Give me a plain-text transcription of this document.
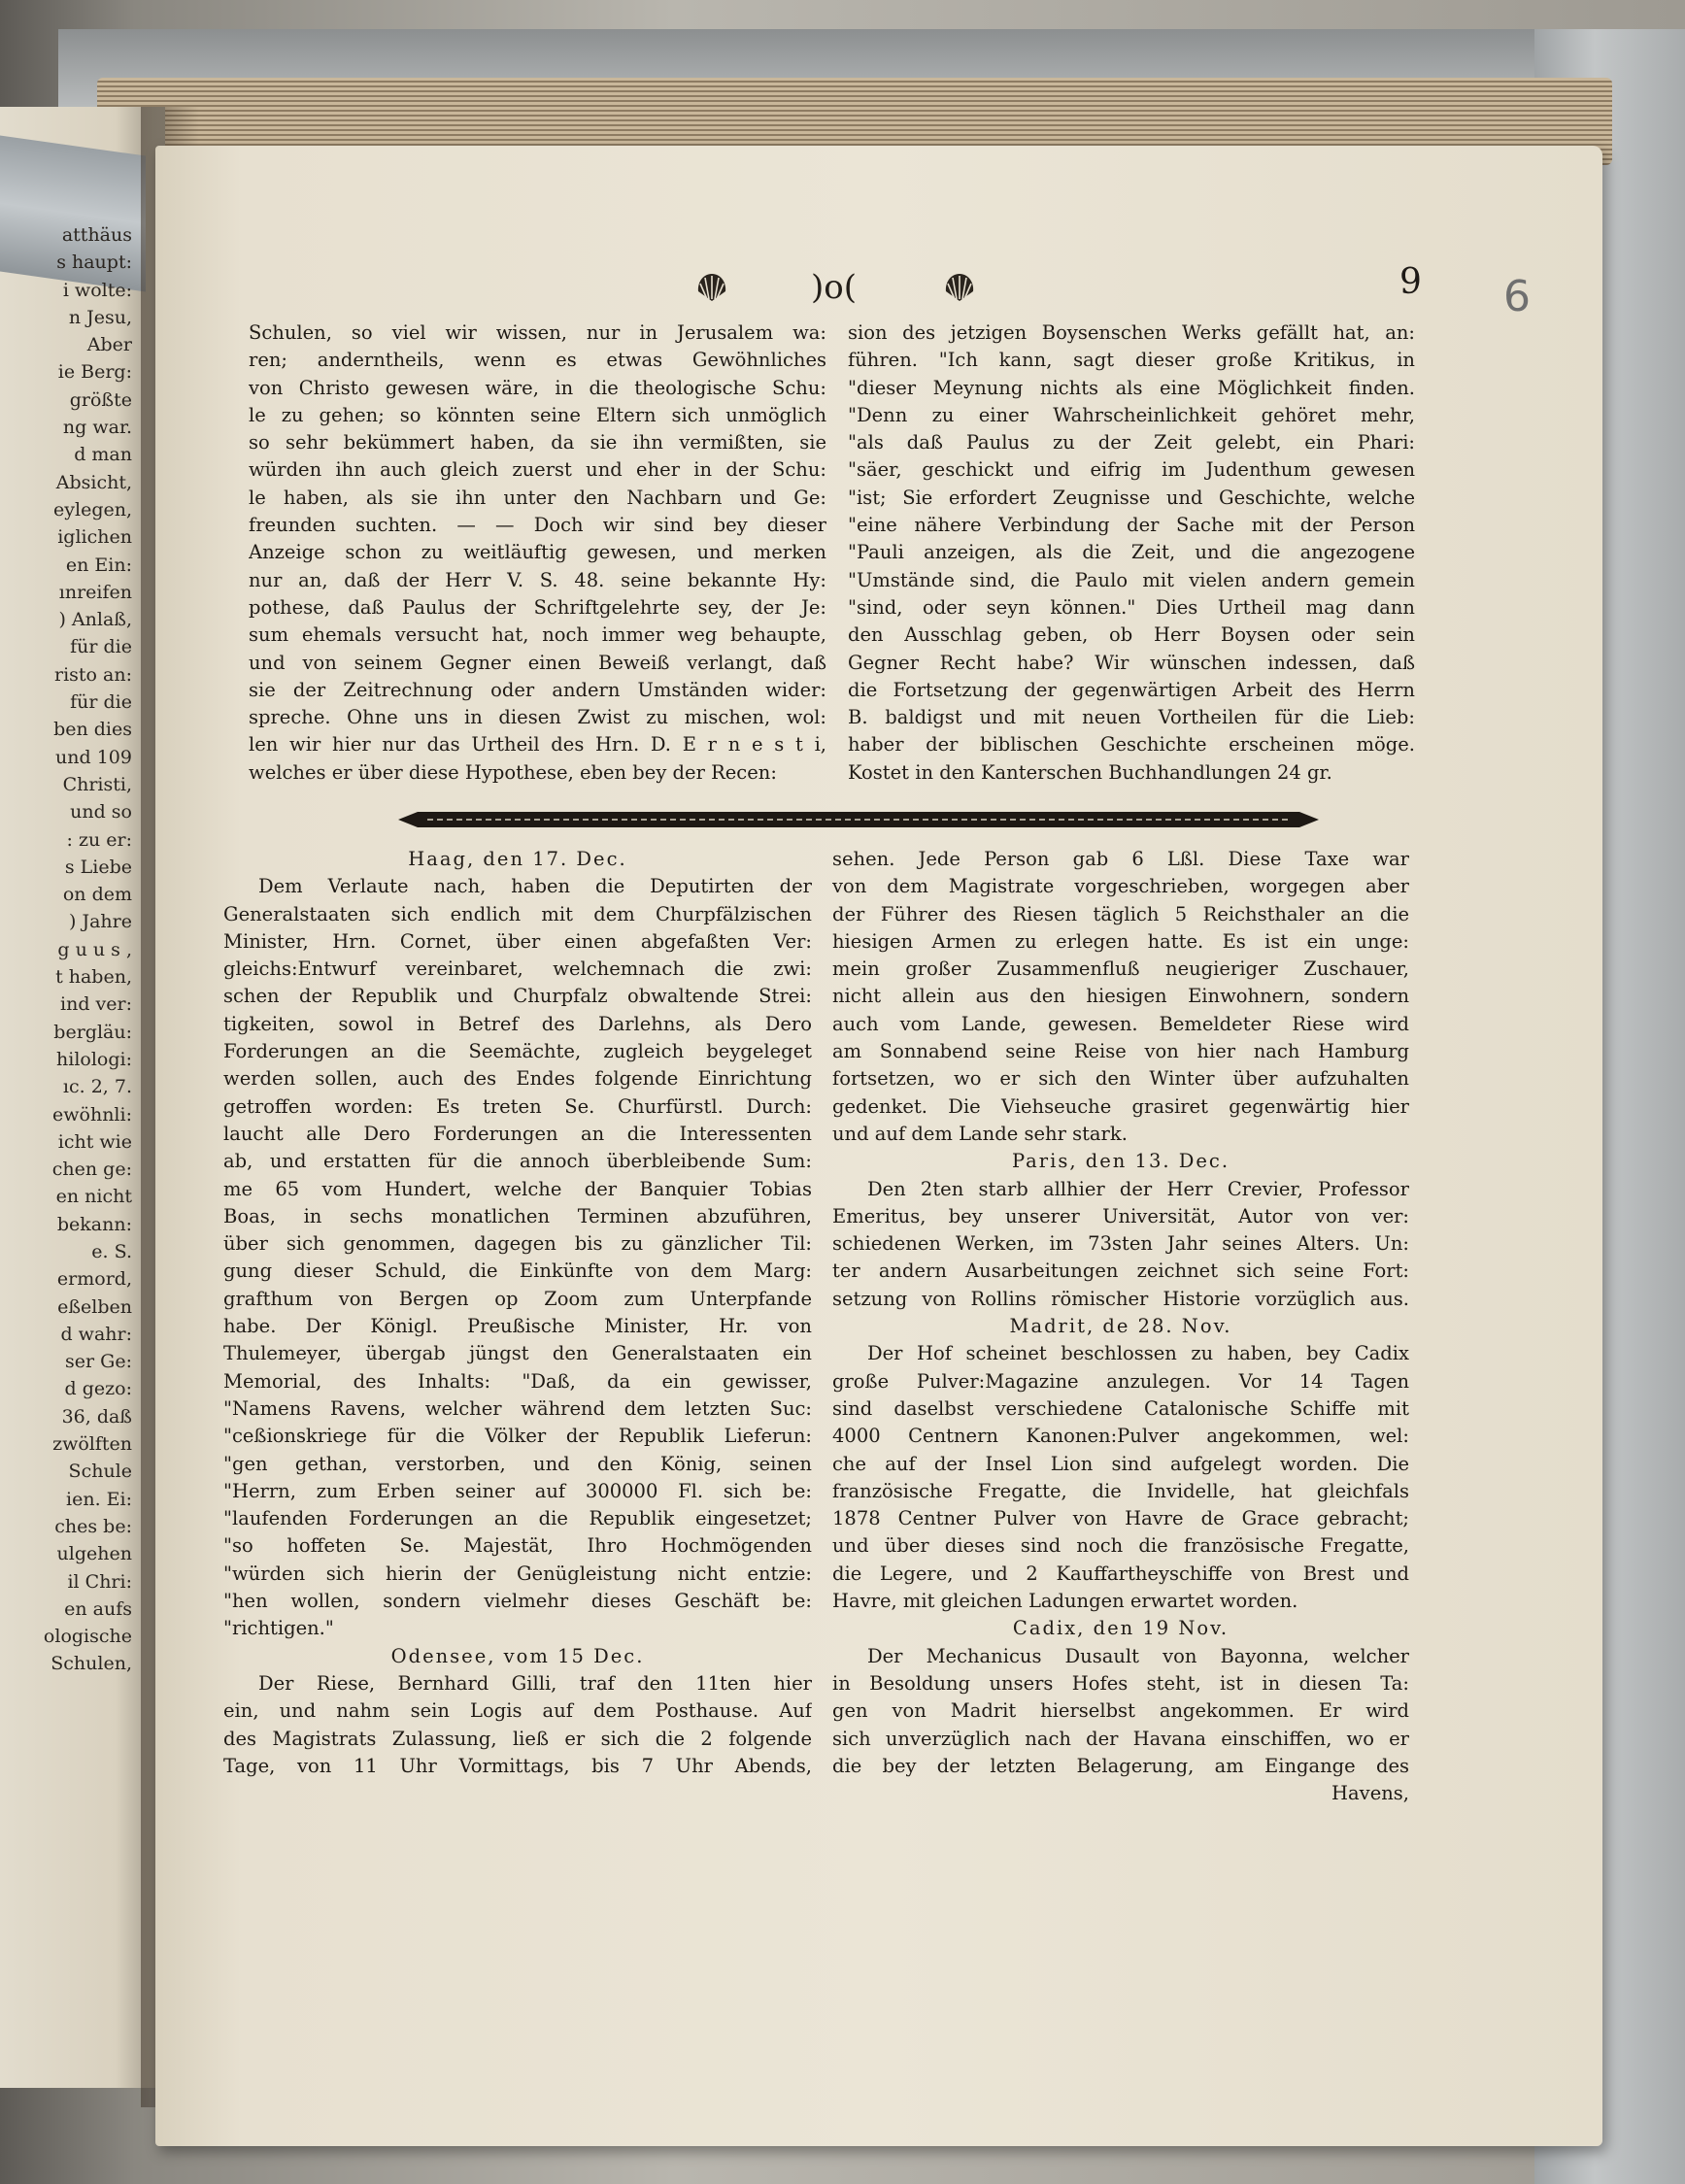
atthäus
s haupt:
i wolte:
n Jesu,
Aber
ie Berg:
größte
ng war.
d man
Absicht,
eylegen,
iglichen
en Ein:
ınreifen
) Anlaß,
für die
risto an:
für die
ben dies
und 109
Christi,
und so
: zu er:
s Liebe
on dem
) Jahre
g u u s ,
t haben,
ind ver:
bergläu:
hilologi:
ıc. 2, 7.
ewöhnli:
icht wie
chen ge:
en nicht
bekann:
e. S.
ermord,
eßelben
d wahr:
ser Ge:
d gezo:
36, daß
zwölften
Schule
ien. Ei:
ches be:
ulgehen
il Chri:
en aufs
ologische
Schulen,
)o(	9 6
Schulen, so viel wir wissen, nur in Jerusalem wa:
ren; anderntheils, wenn es etwas Gewöhnliches
von Christo gewesen wäre, in die theologische Schu:
le zu gehen; so könnten seine Eltern sich unmöglich
so sehr bekümmert haben, da sie ihn vermißten, sie
würden ihn auch gleich zuerst und eher in der Schu:
le haben, als sie ihn unter den Nachbarn und Ge:
freunden suchten. — — Doch wir sind bey dieser
Anzeige schon zu weitläuftig gewesen, und merken
nur an, daß der Herr V. S. 48. seine bekannte Hy:
pothese, daß Paulus der Schriftgelehrte sey, der Je:
sum ehemals versucht hat, noch immer weg behaupte,
und von seinem Gegner einen Beweiß verlangt, daß
sie der Zeitrechnung oder andern Umständen wider:
spreche. Ohne uns in diesen Zwist zu mischen, wol:
len wir hier nur das Urtheil des Hrn. D. E r n e s t i,
welches er über diese Hypothese, eben bey der Recen:
sion des jetzigen Boysenschen Werks gefällt hat, an:
führen. "Ich kann, sagt dieser große Kritikus, in
"dieser Meynung nichts als eine Möglichkeit finden.
"Denn zu einer Wahrscheinlichkeit gehöret mehr,
"als daß Paulus zu der Zeit gelebt, ein Phari:
"säer, geschickt und eifrig im Judenthum gewesen
"ist; Sie erfordert Zeugnisse und Geschichte, welche
"eine nähere Verbindung der Sache mit der Person
"Pauli anzeigen, als die Zeit, und die angezogene
"Umstände sind, die Paulo mit vielen andern gemein
"sind, oder seyn können." Dies Urtheil mag dann
den Ausschlag geben, ob Herr Boysen oder sein
Gegner Recht habe? Wir wünschen indessen, daß
die Fortsetzung der gegenwärtigen Arbeit des Herrn
B. baldigst und mit neuen Vortheilen für die Lieb:
haber der biblischen Geschichte erscheinen möge.
Kostet in den Kanterschen Buchhandlungen 24 gr.
Haag, den 17. Dec.
Dem Verlaute nach, haben die Deputirten der
Generalstaaten sich endlich mit dem Churpfälzischen
Minister, Hrn. Cornet, über einen abgefaßten Ver:
gleichs:Entwurf vereinbaret, welchemnach die zwi:
schen der Republik und Churpfalz obwaltende Strei:
tigkeiten, sowol in Betref des Darlehns, als Dero
Forderungen an die Seemächte, zugleich beygeleget
werden sollen, auch des Endes folgende Einrichtung
getroffen worden: Es treten Se. Churfürstl. Durch:
laucht alle Dero Forderungen an die Interessenten
ab, und erstatten für die annoch überbleibende Sum:
me 65 vom Hundert, welche der Banquier Tobias
Boas, in sechs monatlichen Terminen abzuführen,
über sich genommen, dagegen bis zu gänzlicher Til:
gung dieser Schuld, die Einkünfte von dem Marg:
grafthum von Bergen op Zoom zum Unterpfande
habe. Der Königl. Preußische Minister, Hr. von
Thulemeyer, übergab jüngst den Generalstaaten ein
Memorial, des Inhalts: "Daß, da ein gewisser,
"Namens Ravens, welcher während dem letzten Suc:
"ceßionskriege für die Völker der Republik Lieferun:
"gen gethan, verstorben, und den König, seinen
"Herrn, zum Erben seiner auf 300000 Fl. sich be:
"laufenden Forderungen an die Republik eingesetzet;
"so hoffeten Se. Majestät, Ihro Hochmögenden
"würden sich hierin der Genügleistung nicht entzie:
"hen wollen, sondern vielmehr dieses Geschäft be:
"richtigen."
Odensee, vom 15 Dec.
Der Riese, Bernhard Gilli, traf den 11ten hier
ein, und nahm sein Logis auf dem Posthause. Auf
des Magistrats Zulassung, ließ er sich die 2 folgende
Tage, von 11 Uhr Vormittags, bis 7 Uhr Abends,
sehen. Jede Person gab 6 Lßl. Diese Taxe war
von dem Magistrate vorgeschrieben, worgegen aber
der Führer des Riesen täglich 5 Reichsthaler an die
hiesigen Armen zu erlegen hatte. Es ist ein unge:
mein großer Zusammenfluß neugieriger Zuschauer,
nicht allein aus den hiesigen Einwohnern, sondern
auch vom Lande, gewesen. Bemeldeter Riese wird
am Sonnabend seine Reise von hier nach Hamburg
fortsetzen, wo er sich den Winter über aufzuhalten
gedenket. Die Viehseuche grasiret gegenwärtig hier
und auf dem Lande sehr stark.
Paris, den 13. Dec.
Den 2ten starb allhier der Herr Crevier, Professor
Emeritus, bey unserer Universität, Autor von ver:
schiedenen Werken, im 73sten Jahr seines Alters. Un:
ter andern Ausarbeitungen zeichnet sich seine Fort:
setzung von Rollins römischer Historie vorzüglich aus.
Madrit, de 28. Nov.
Der Hof scheinet beschlossen zu haben, bey Cadix
große Pulver:Magazine anzulegen. Vor 14 Tagen
sind daselbst verschiedene Catalonische Schiffe mit
4000 Centnern Kanonen:Pulver angekommen, wel:
che auf der Insel Lion sind aufgelegt worden. Die
französische Fregatte, die Invidelle, hat gleichfals
1878 Centner Pulver von Havre de Grace gebracht;
und über dieses sind noch die französische Fregatte,
die Legere, und 2 Kauffarthеyschiffe von Brest und
Havre, mit gleichen Ladungen erwartet worden.
Cadix, den 19 Nov.
Der Mechanicus Dusault von Bayonna, welcher
in Besoldung unsers Hofes steht, ist in diesen Ta:
gen von Madrit hierselbst angekommen. Er wird
sich unverzüglich nach der Havana einschiffen, wo er
die bey der letzten Belagerung, am Eingange des
Havens,
